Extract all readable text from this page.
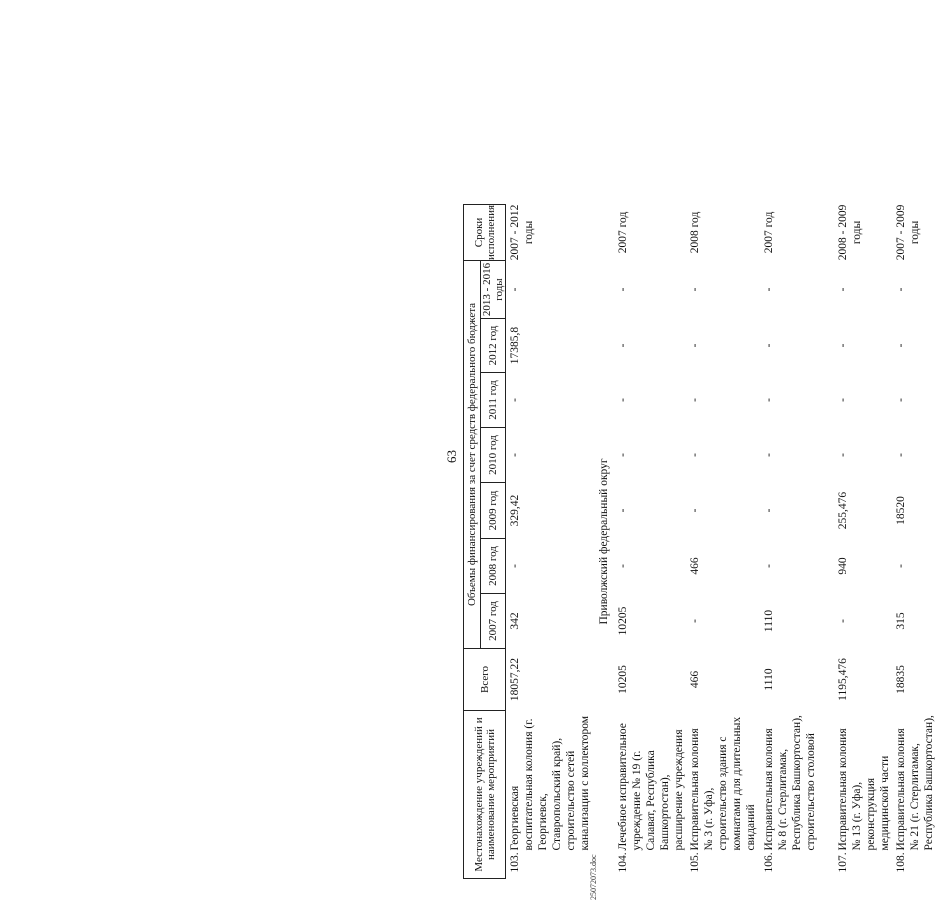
63
Местонахождение учреждений и наименование мероприятий		Всего	Объемы финансирования за счет средств федерального бюджета							Сроки исполнения
			2007 год	2008 год	2009 год	2010 год	2011 год	2012 год	2013 - 2016 годы	
103.	Георгиевская воспитательная колония (г. Георгиевск, Ставропольский край), строительство сетей канализации с коллектором	18057,22	342	-	329,42	-	-	17385,8	-	2007 - 2012 годы
Приволжский федеральный округ										
104.	Лечебное исправительное учреждение № 19 (г. Салават, Республика Башкортостан), расширение учреждения	10205	10205	-	-	-	-	-	-	2007 год
105.	Исправительная колония № 3 (г. Уфа), строительство здания с комнатами для длительных свиданий	466	-	466	-	-	-	-	-	2008 год
106.	Исправительная колония № 8 (г. Стерлитамак, Республика Башкортостан), строительство столовой	1110	1110	-	-	-	-	-	-	2007 год
107.	Исправительная колония № 13 (г. Уфа), реконструкция медицинской части	1195,476	-	940	255,476	-	-	-	-	2008 - 2009 годы
108.	Исправительная колония № 21 (г. Стерлитамак, Республика Башкортостан),	18835	315	-	18520	-	-	-	-	2007 - 2009 годы
25072073.doc
